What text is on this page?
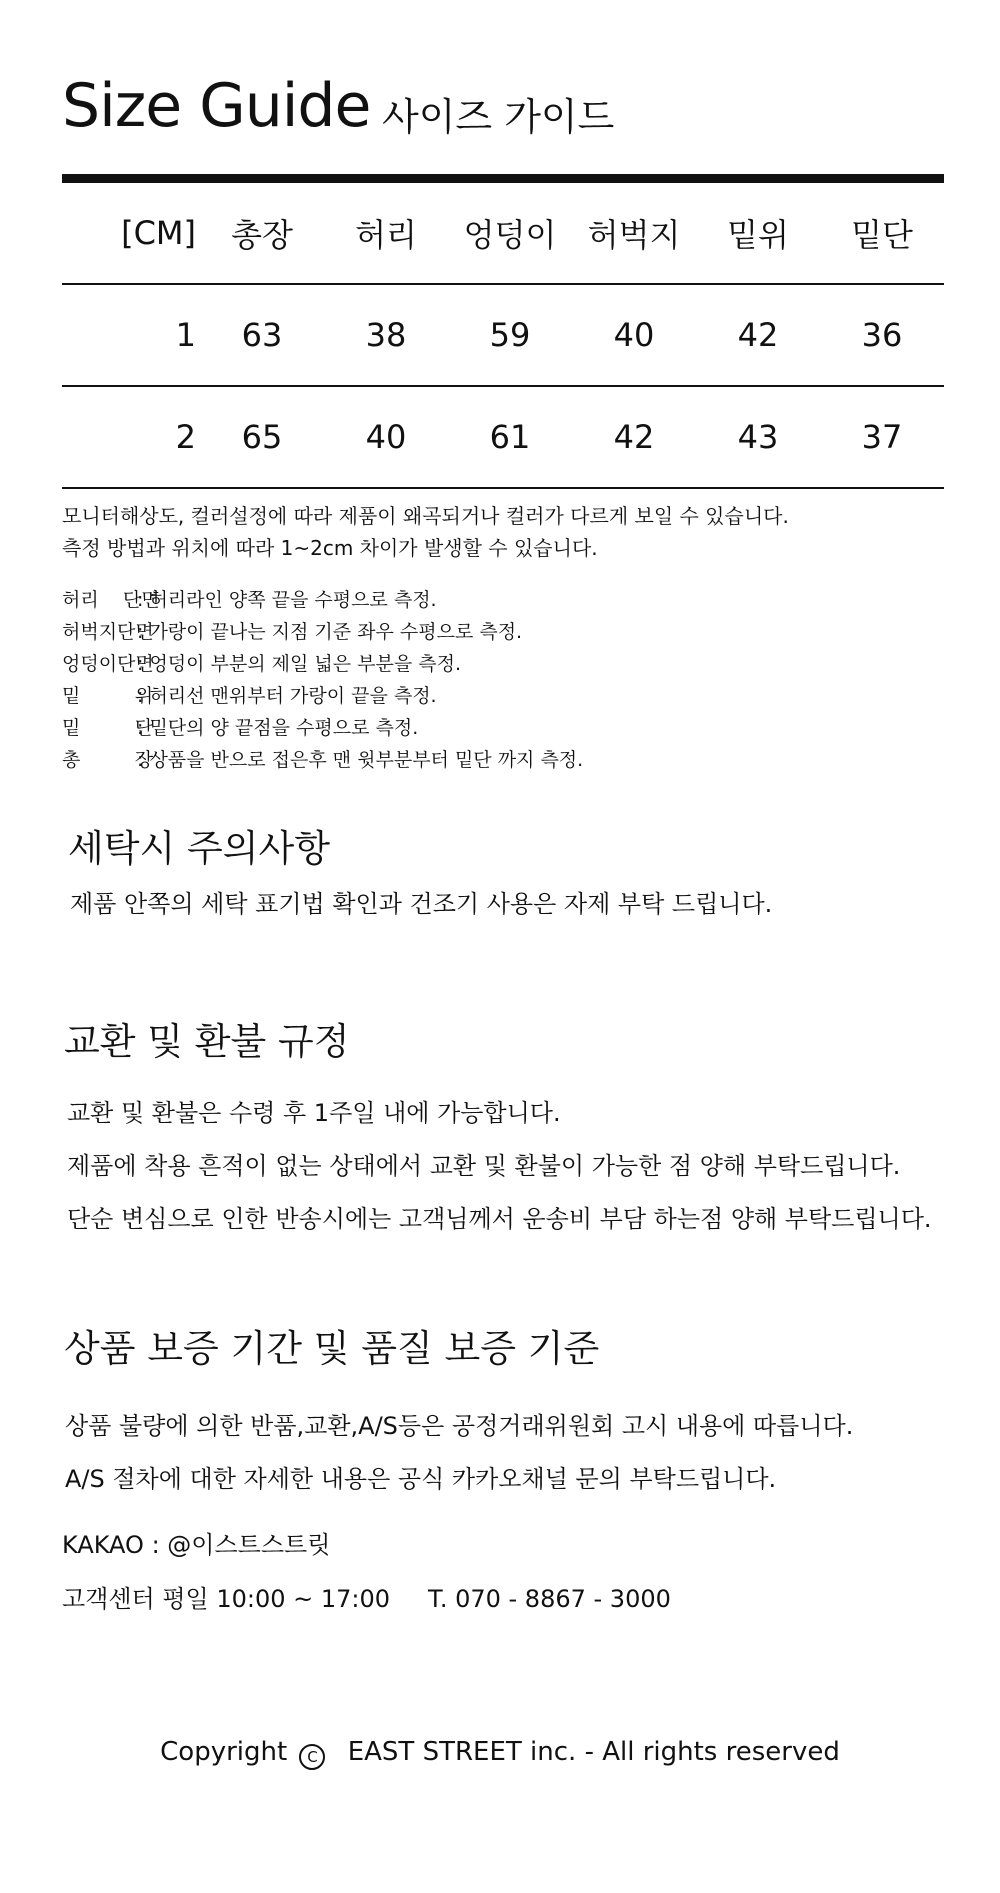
Size Guide 사이즈 가이드
[CM]	총장	허리	엉덩이	허벅지	밑위	밑단
1	63	38	59	40	42	36
2	65	40	61	42	43	37
모니터해상도, 컬러설정에 따라 제품이 왜곡되거나 컬러가 다르게 보일 수 있습니다.
측정 방법과 위치에 따라 1~2cm 차이가 발생할 수 있습니다.
허리    단면: 허리라인 양쪽 끝을 수평으로 측정.
허벅지단면: 가랑이 끝나는 지점 기준 좌우 수평으로 측정.
엉덩이단면: 엉덩이 부분의 제일 넓은 부분을 측정.
밑         위: 허리선 맨위부터 가랑이 끝을 측정.
밑         단: 밑단의 양 끝점을 수평으로 측정.
총         장: 상품을 반으로 접은후 맨 윗부분부터 밑단 까지 측정.
세탁시 주의사항
제품 안쪽의 세탁 표기법 확인과 건조기 사용은 자제 부탁 드립니다.
교환 및 환불 규정
교환 및 환불은 수령 후 1주일 내에 가능합니다.
제품에 착용 흔적이 없는 상태에서 교환 및 환불이 가능한 점 양해 부탁드립니다.
단순 변심으로 인한 반송시에는 고객님께서 운송비 부담 하는점 양해 부탁드립니다.
상품 보증 기간 및 품질 보증 기준
상품 불량에 의한 반품,교환,A/S등은 공정거래위원회 고시 내용에 따릅니다.
A/S 절차에 대한 자세한 내용은 공식 카카오채널 문의 부탁드립니다.
KAKAO : @이스트스트릿
고객센터 평일 10:00 ~ 17:00 T. 070 - 8867 - 3000
Copyright C EAST STREET inc. - All rights reserved
